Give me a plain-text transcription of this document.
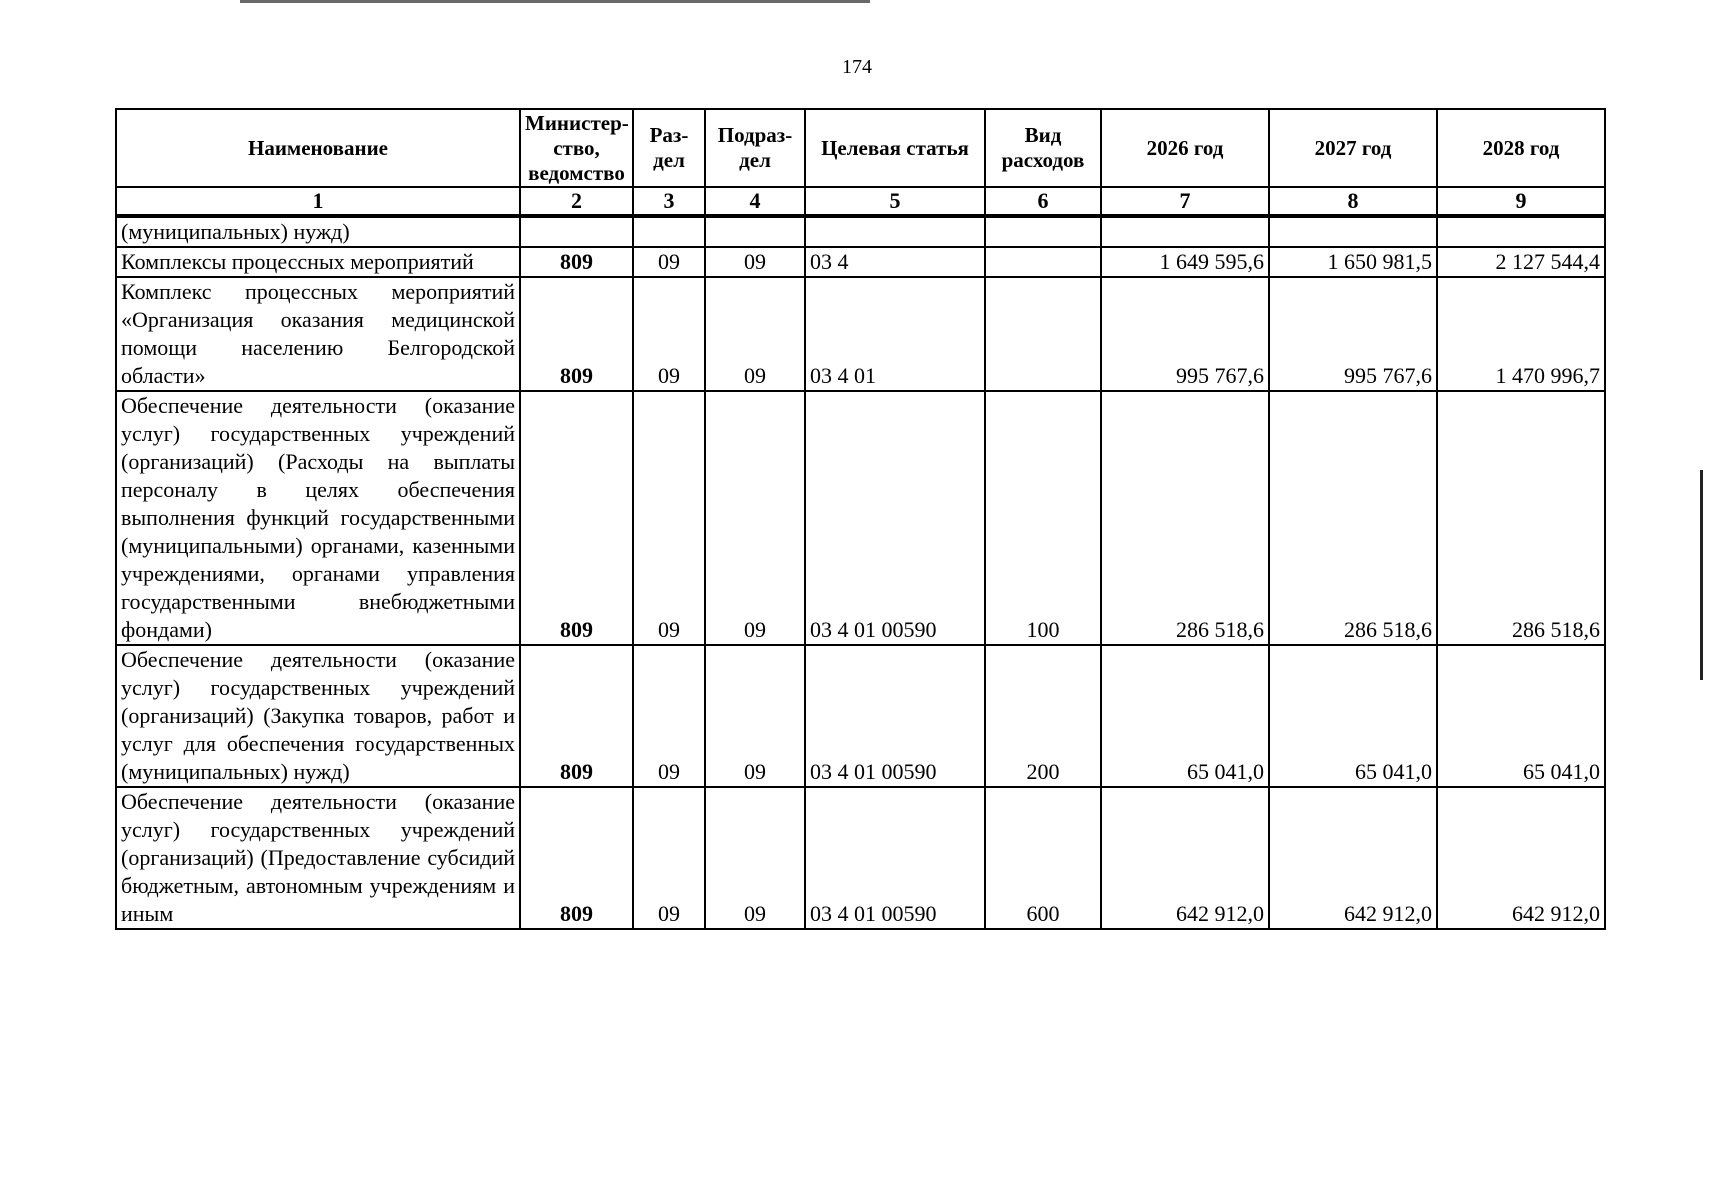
174
Наименование	Министер-ство, ведомство	Раз-дел	Подраз-дел	Целевая статья	Вид расходов	2026 год	2027 год	2028 год
1	2	3	4	5	6	7	8	9

(муниципальных) нужд)								

Комплексы процессных мероприятий	809	09	09	03 4		1 649 595,6	1 650 981,5	2 127 544,4

Комплекс процессных мероприятий «Организация оказания медицинской помощи населению Белгородской области»	809	09	09	03 4 01		995 767,6	995 767,6	1 470 996,7

Обеспечение деятельности (оказание услуг) государственных учреждений (организаций) (Расходы на выплаты персоналу в целях обеспечения выполнения функций государственными (муниципальными) органами, казенными учреждениями, органами управления государственными внебюджетными фондами)	809	09	09	03 4 01 00590	100	286 518,6	286 518,6	286 518,6

Обеспечение деятельности (оказание услуг) государственных учреждений (организаций) (Закупка товаров, работ и услуг для обеспечения государственных (муниципальных) нужд)	809	09	09	03 4 01 00590	200	65 041,0	65 041,0	65 041,0

Обеспечение деятельности (оказание услуг) государственных учреждений (организаций) (Предоставление субсидий бюджетным, автономным учреждениям и иным	809	09	09	03 4 01 00590	600	642 912,0	642 912,0	642 912,0
